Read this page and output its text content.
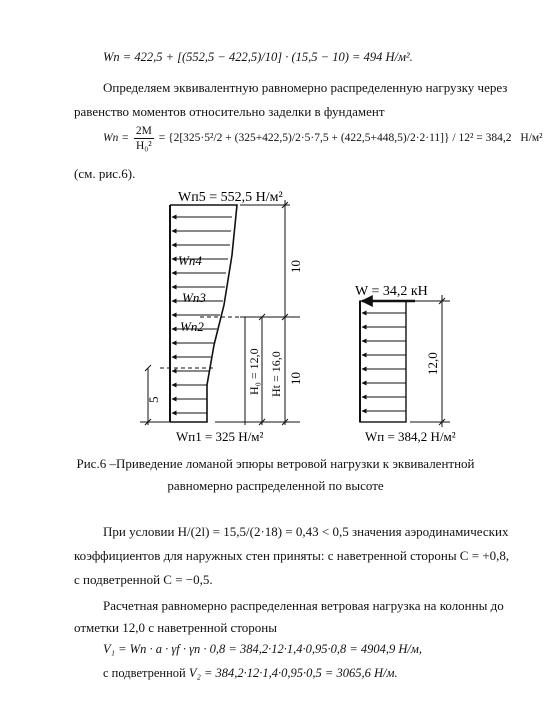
Wп = 422,5 + [(552,5 − 422,5)/10] · (15,5 − 10) = 494 Н/м².
Определяем эквивалентную равномерно распределенную нагрузку через
равенство моментов относительно заделки в фундамент
Wп = $\frac{2M}{\text{H₀²}} = \{2[325\cdot 5^2/2 + (325+422,5)/2\cdot 5\cdot 7,5 + (422,5+448,5)/2\cdot 2\cdot 11]\} / 12^2 = 384,2$ Н/м²
(см. рис.6).
Wп5 = 552,5 Н/м²
Wп4
Wп3
Wп2
Wп1 = 325 Н/м²
10
10
H₀ = 12,0 Ht = 16,0
5
W = 34,2 кН
Wп = 384,2 Н/м²
12,0
Рис.6 –Приведение ломаной эпюры ветровой нагрузки к эквивалентной
равномерно распределенной по высоте
При условии H/(2l) = 15,5/(2·18) = 0,43 < 0,5 значения аэродинамических
коэффициентов для наружных стен приняты: с наветренной стороны C = +0,8,
с подветренной C = −0,5.
Расчетная равномерно распределенная ветровая нагрузка на колонны до
отметки 12,0 с наветренной стороны
V₁ = Wп · a · γf · γп · 0,8 = 384,2·12·1,4·0,95·0,8 = 4904,9 Н/м,
с подветренной V₂ = 384,2·12·1,4·0,95·0,5 = 3065,6 Н/м.
